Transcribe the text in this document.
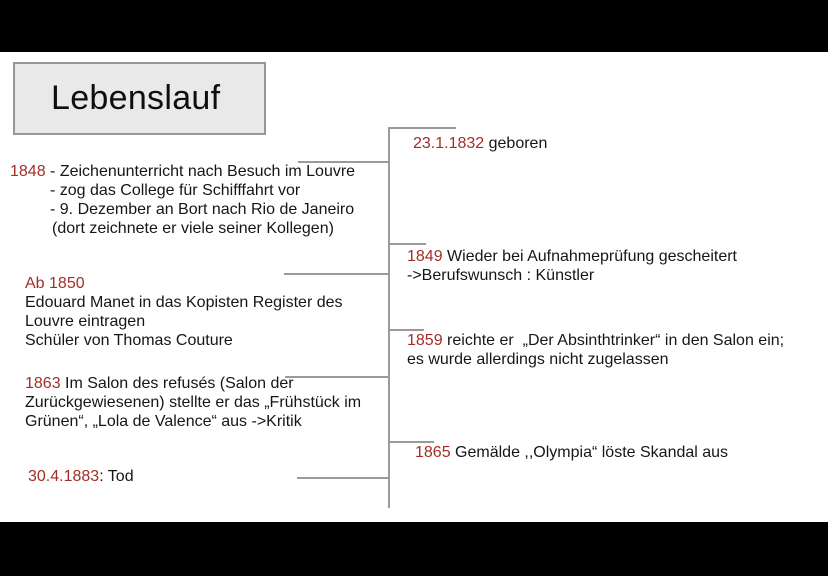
Lebenslauf
23.1.1832 geboren
1849 Wieder bei Aufnahmeprüfung gescheitert
->Berufswunsch : Künstler
1859 reichte er  „Der Absinthtrinker“ in den Salon ein;
es wurde allerdings nicht zugelassen
1865 Gemälde ,,Olympia“ löste Skandal aus
1848 - Zeichenunterricht nach Besuch im Louvre
- zog das College für Schifffahrt vor
- 9. Dezember an Bort nach Rio de Janeiro
(dort zeichnete er viele seiner Kollegen)
Ab 1850
Edouard Manet in das Kopisten Register des
Louvre eintragen
Schüler von Thomas Couture
1863 Im Salon des refusés (Salon der
Zurückgewiesenen) stellte er das „Frühstück im
Grünen“, „Lola de Valence“ aus ->Kritik
30.4.1883: Tod
